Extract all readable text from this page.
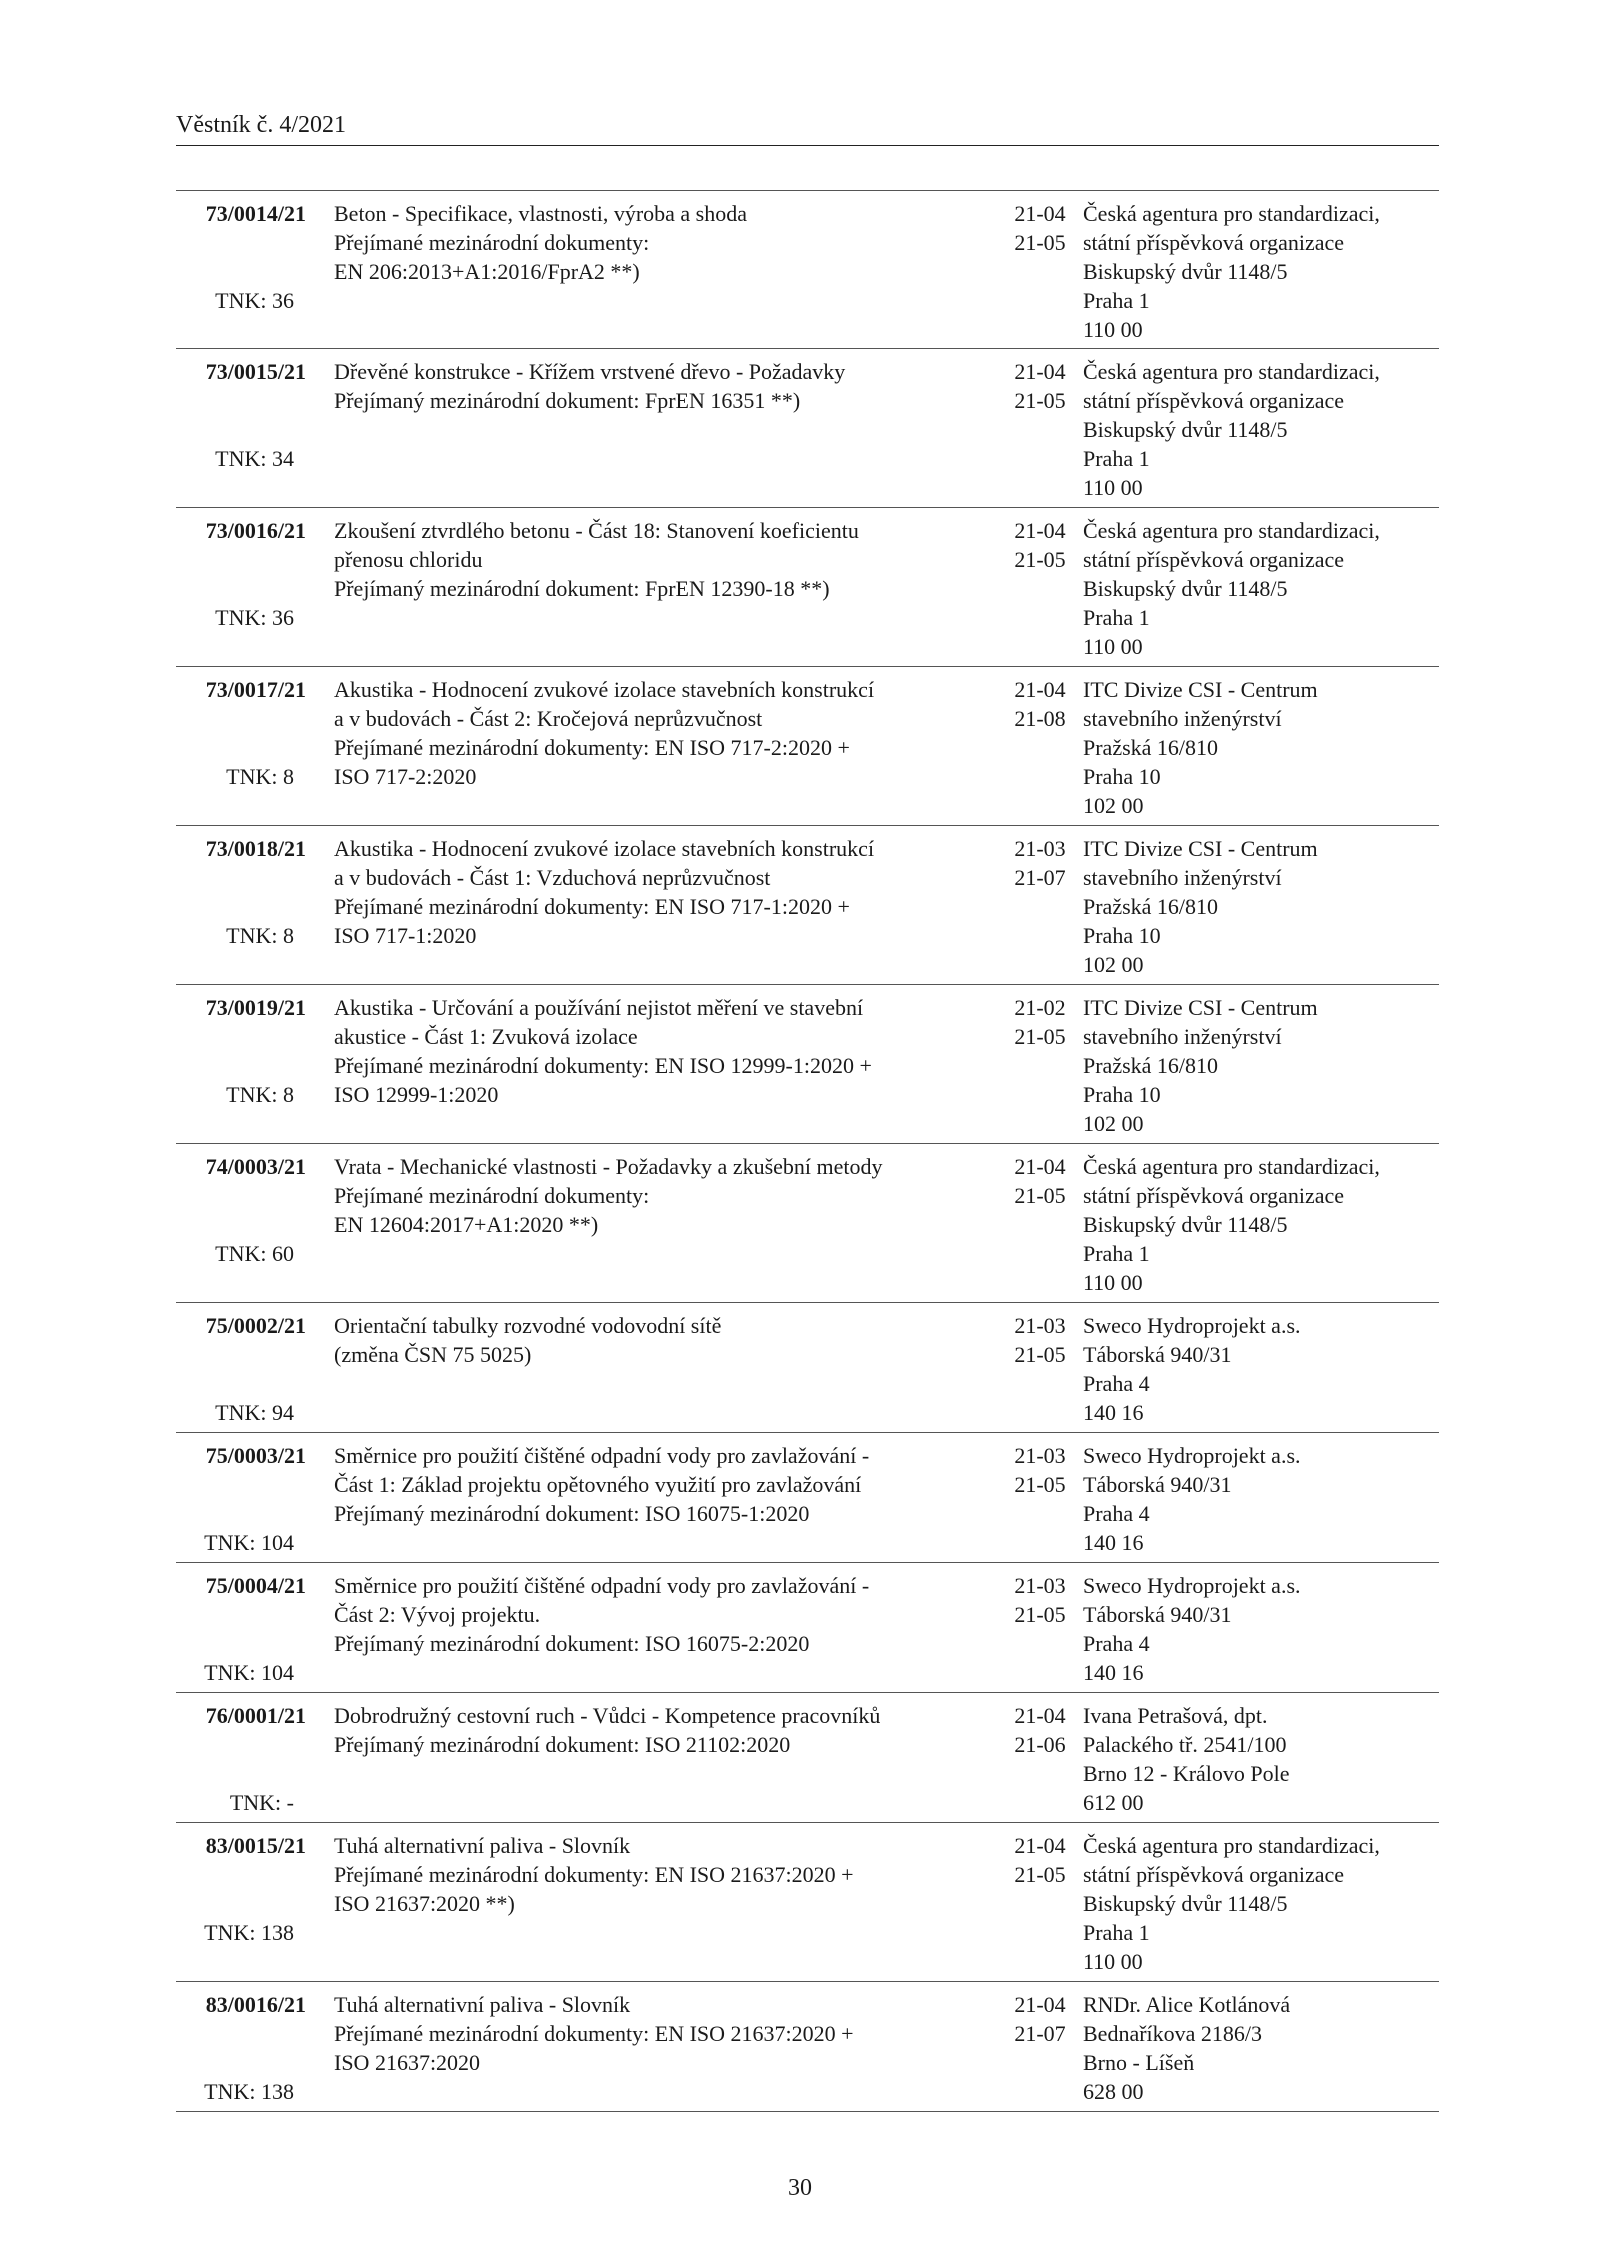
Věstník č. 4/2021
73/0014/21
TNK: 36
Beton - Specifikace, vlastnosti, výroba a shoda
Přejímané mezinárodní dokumenty:
EN 206:2013+A1:2016/FprA2 **)
21-04
21-05
Česká agentura pro standardizaci,
státní příspěvková organizace
Biskupský dvůr 1148/5
Praha 1
110 00
73/0015/21
TNK: 34
Dřevěné konstrukce - Křížem vrstvené dřevo - Požadavky
Přejímaný mezinárodní dokument: FprEN 16351 **)
21-04
21-05
Česká agentura pro standardizaci,
státní příspěvková organizace
Biskupský dvůr 1148/5
Praha 1
110 00
73/0016/21
TNK: 36
Zkoušení ztvrdlého betonu - Část 18: Stanovení koeficientu
přenosu chloridu
Přejímaný mezinárodní dokument: FprEN 12390-18 **)
21-04
21-05
Česká agentura pro standardizaci,
státní příspěvková organizace
Biskupský dvůr 1148/5
Praha 1
110 00
73/0017/21
TNK: 8
Akustika - Hodnocení zvukové izolace stavebních konstrukcí
a v budovách - Část 2: Kročejová neprůzvučnost
Přejímané mezinárodní dokumenty: EN ISO 717-2:2020 +
ISO 717-2:2020
21-04
21-08
ITC Divize CSI - Centrum
stavebního inženýrství
Pražská 16/810
Praha 10
102 00
73/0018/21
TNK: 8
Akustika - Hodnocení zvukové izolace stavebních konstrukcí
a v budovách - Část 1: Vzduchová neprůzvučnost
Přejímané mezinárodní dokumenty: EN ISO 717-1:2020 +
ISO 717-1:2020
21-03
21-07
ITC Divize CSI - Centrum
stavebního inženýrství
Pražská 16/810
Praha 10
102 00
73/0019/21
TNK: 8
Akustika - Určování a používání nejistot měření ve stavební
akustice - Část 1: Zvuková izolace
Přejímané mezinárodní dokumenty: EN ISO 12999-1:2020 +
ISO 12999-1:2020
21-02
21-05
ITC Divize CSI - Centrum
stavebního inženýrství
Pražská 16/810
Praha 10
102 00
74/0003/21
TNK: 60
Vrata - Mechanické vlastnosti - Požadavky a zkušební metody
Přejímané mezinárodní dokumenty:
EN 12604:2017+A1:2020 **)
21-04
21-05
Česká agentura pro standardizaci,
státní příspěvková organizace
Biskupský dvůr 1148/5
Praha 1
110 00
75/0002/21
TNK: 94
Orientační tabulky rozvodné vodovodní sítě
(změna ČSN 75 5025)
21-03
21-05
Sweco Hydroprojekt a.s.
Táborská 940/31
Praha 4
140 16
75/0003/21
TNK: 104
Směrnice pro použití čištěné odpadní vody pro zavlažování -
Část 1: Základ projektu opětovného využití pro zavlažování
Přejímaný mezinárodní dokument: ISO 16075-1:2020
21-03
21-05
Sweco Hydroprojekt a.s.
Táborská 940/31
Praha 4
140 16
75/0004/21
TNK: 104
Směrnice pro použití čištěné odpadní vody pro zavlažování -
Část 2: Vývoj projektu.
Přejímaný mezinárodní dokument: ISO 16075-2:2020
21-03
21-05
Sweco Hydroprojekt a.s.
Táborská 940/31
Praha 4
140 16
76/0001/21
TNK: -
Dobrodružný cestovní ruch - Vůdci - Kompetence pracovníků
Přejímaný mezinárodní dokument: ISO 21102:2020
21-04
21-06
Ivana Petrašová, dpt.
Palackého tř. 2541/100
Brno 12 - Královo Pole
612 00
83/0015/21
TNK: 138
Tuhá alternativní paliva - Slovník
Přejímané mezinárodní dokumenty: EN ISO 21637:2020 +
ISO 21637:2020 **)
21-04
21-05
Česká agentura pro standardizaci,
státní příspěvková organizace
Biskupský dvůr 1148/5
Praha 1
110 00
83/0016/21
TNK: 138
Tuhá alternativní paliva - Slovník
Přejímané mezinárodní dokumenty: EN ISO 21637:2020 +
ISO 21637:2020
21-04
21-07
RNDr. Alice Kotlánová
Bednaříkova 2186/3
Brno - Líšeň
628 00
30
